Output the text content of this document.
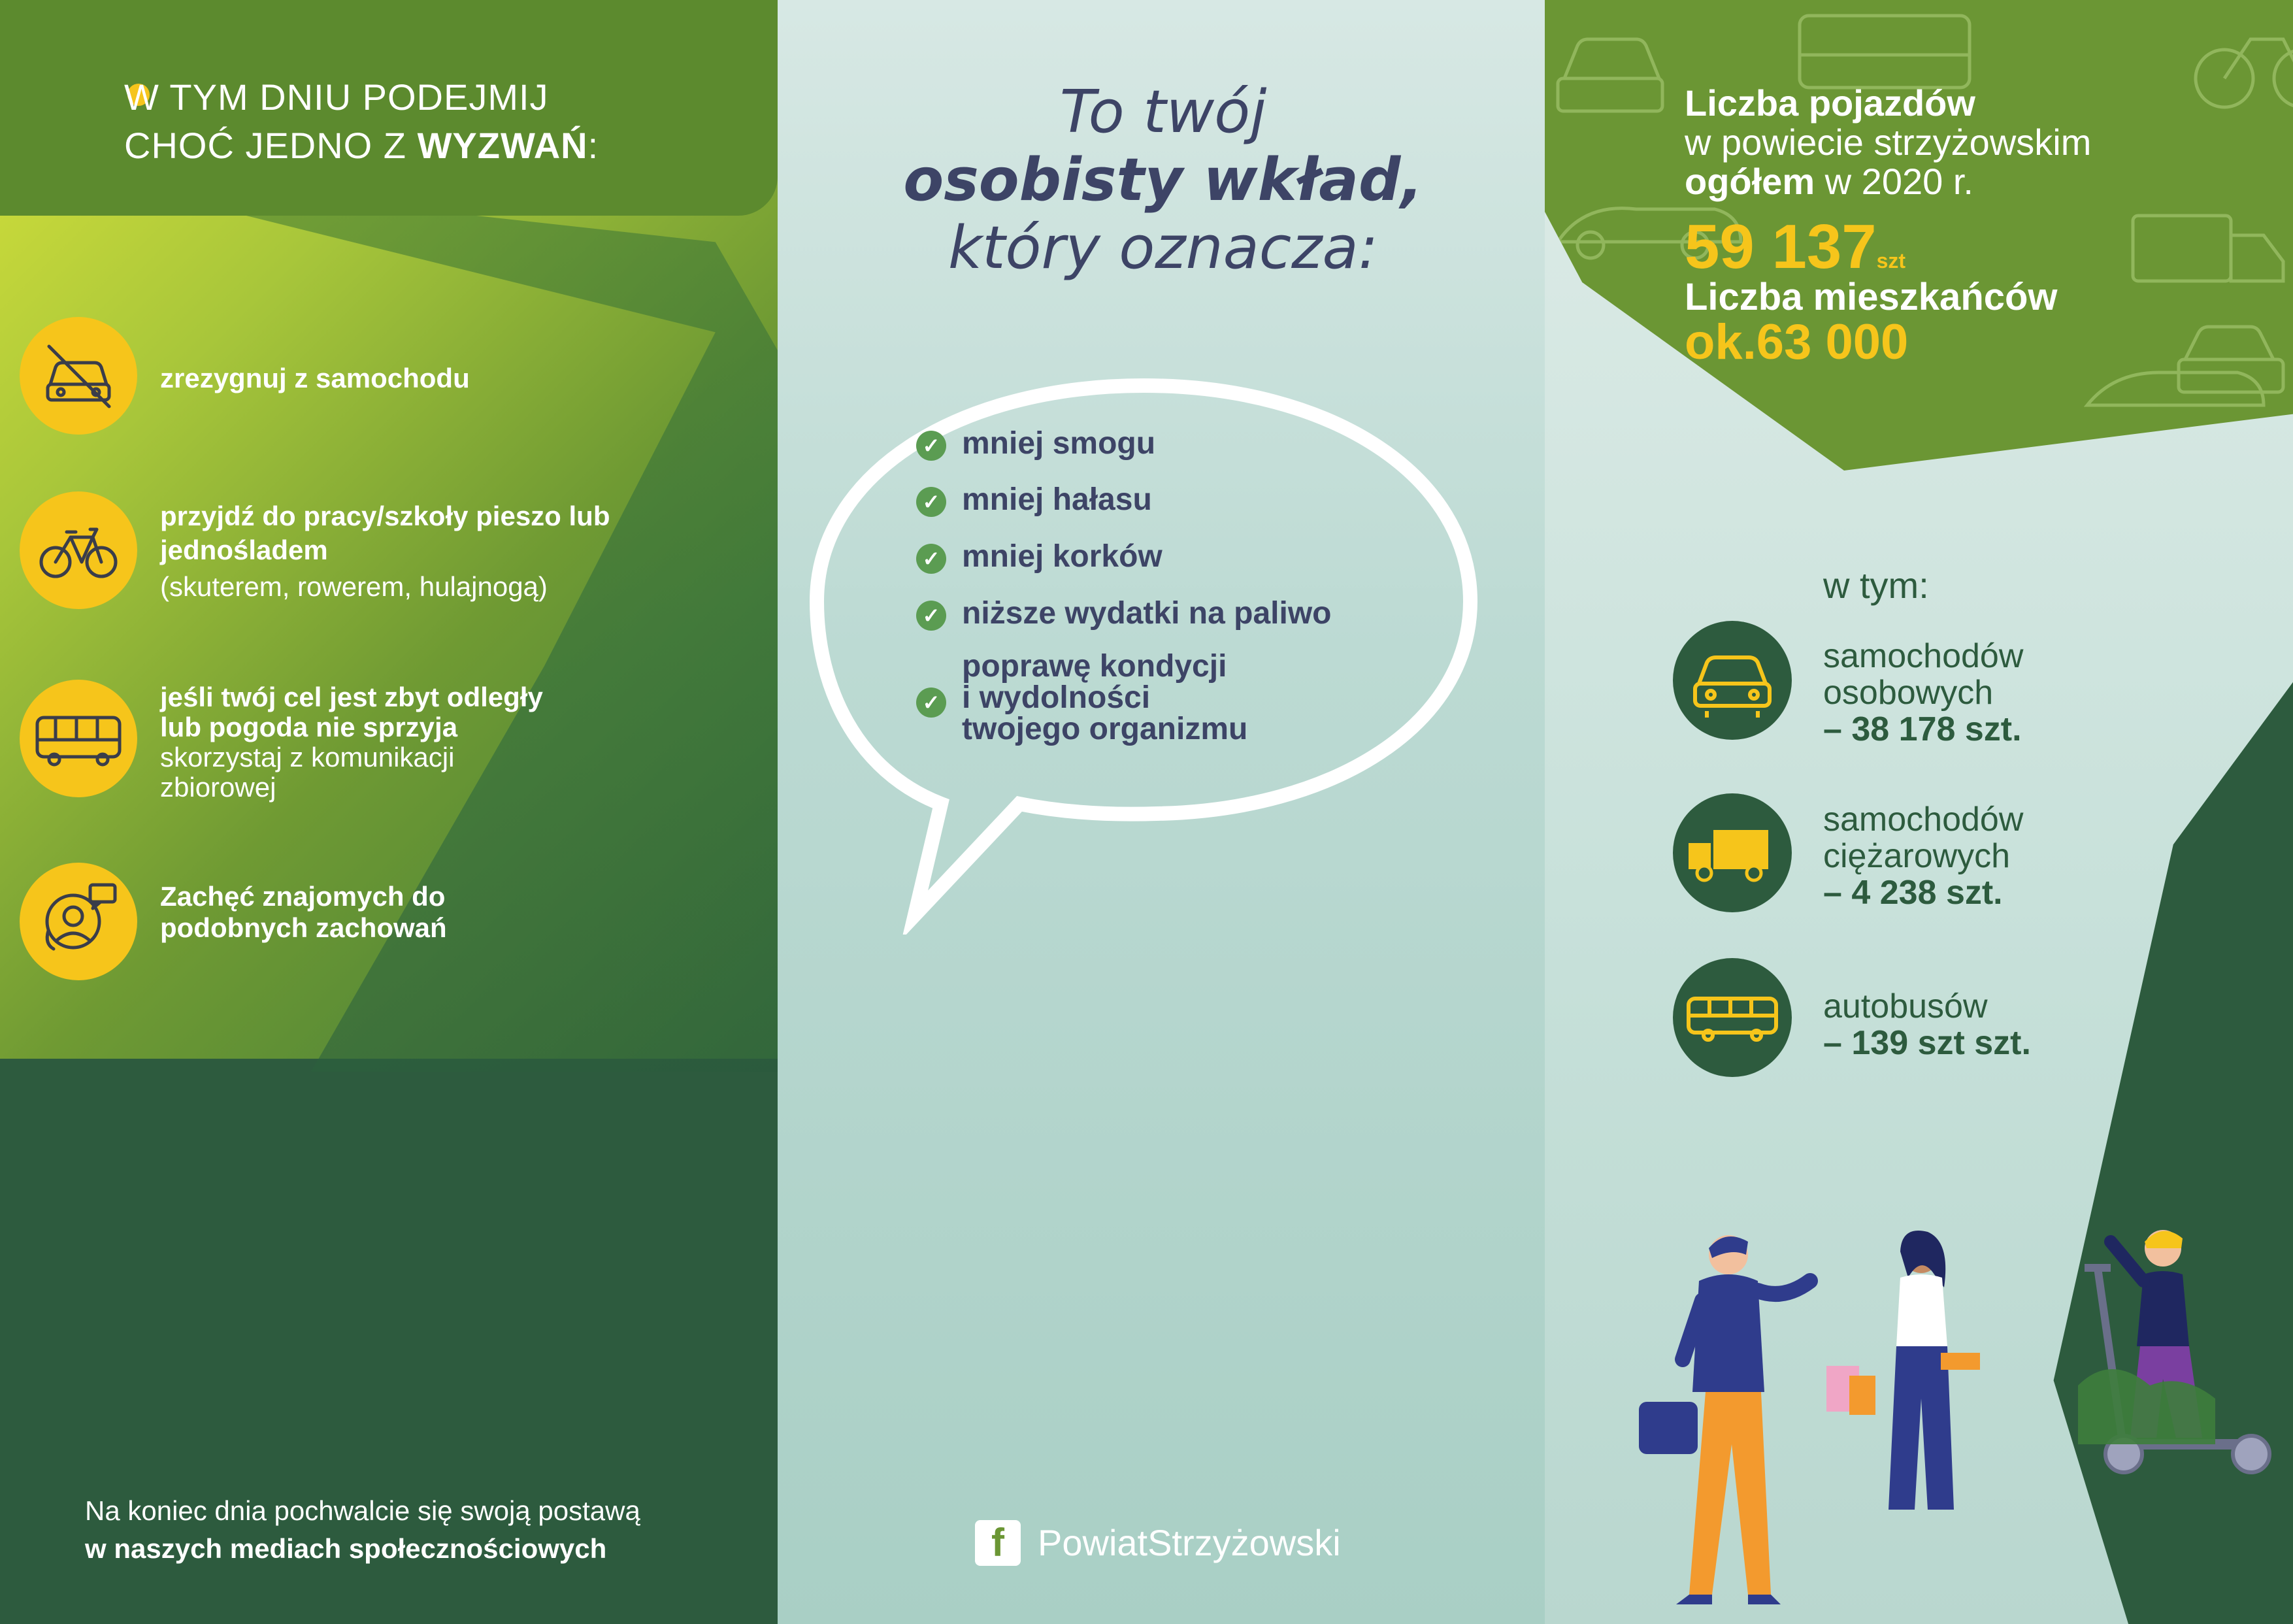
W TYM DNIU PODEJMIJ
CHOĆ JEDNO Z WYZWAŃ:
zrezygnuj z samochodu
przyjdź do pracy/szkoły pieszo lub jednośladem
(skuterem, rowerem, hulajnogą)
jeśli twój cel jest zbyt odległy lub pogoda nie sprzyja skorzystaj z komunikacji zbiorowej
Zachęć znajomych do podobnych zachowań
Na koniec dnia pochwalcie się swoją postawą
w naszych mediach społecznościowych
To twój
osobisty wkład,
który oznacza:
✓ mniej smogu
✓ mniej hałasu
✓ mniej korków
✓ niższe wydatki na paliwo
✓
poprawę kondycji
i wydolności
twojego organizmu
f PowiatStrzyżowski
Liczba pojazdów
w powiecie strzyżowskim
ogółem w 2020 r.
59 137szt
Liczba mieszkańców
ok.63 000
w tym:
samochodów
osobowych
– 38 178 szt.
samochodów
ciężarowych
– 4 238 szt.
autobusów
– 139 szt szt.
